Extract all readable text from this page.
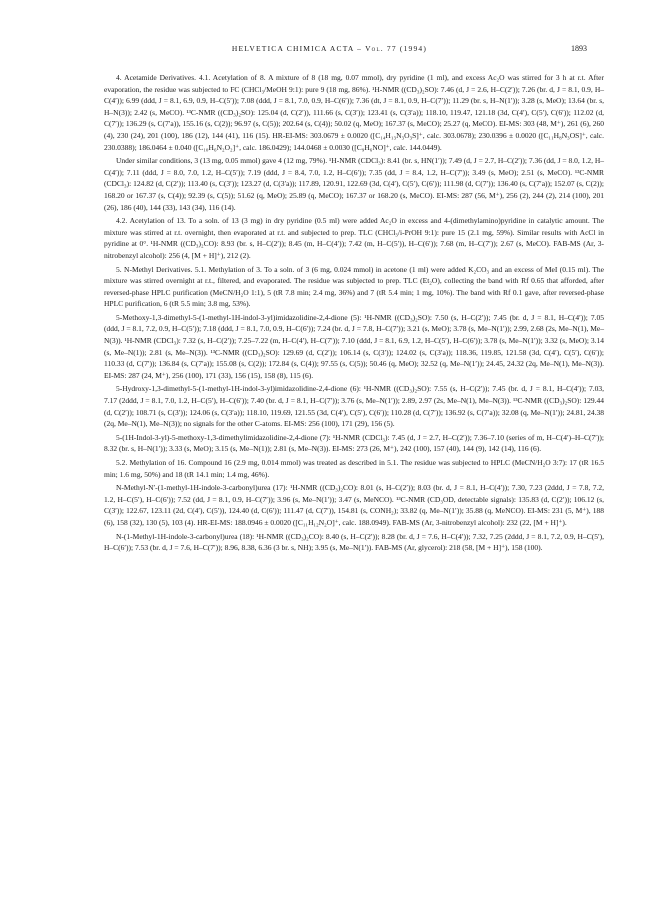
HELVETICA CHIMICA ACTA – Vol. 77 (1994)	1893

4. Acetamide Derivatives. 4.1. Acetylation of 8. A mixture of 8 (18 mg, 0.07 mmol), dry pyridine (1 ml), and excess Ac₂O was stirred for 3 h at r.t. After evaporation, the residue was subjected to FC (CHCl₃/MeOH 9:1): pure 9 (18 mg, 86%). ¹H-NMR ((CD₃)₂SO): 7.46 (d, J = 2.6, H–C(2′)); 7.26 (br. d, J = 8.1, 0.9, H–C(4′)); 6.99 (ddd, J = 8.1, 6.9, 0.9, H–C(5′)); 7.08 (ddd, J = 8.1, 7.0, 0.9, H–C(6′)); 7.36 (dt, J = 8.1, 0.9, H–C(7′)); 11.29 (br. s, H–N(1′)); 3.28 (s, MeO); 13.64 (br. s, H–N(3)); 2.42 (s, MeCO). ¹³C-NMR ((CD₃)₂SO): 125.04 (d, C(2′)), 111.66 (s, C(3′)); 123.41 (s, C(3′a)); 118.10, 119.47, 121.18 (3d, C(4′), C(5′), C(6′)); 112.02 (d, C(7′)); 136.29 (s, C(7′a)), 155.16 (s, C(2)); 96.97 (s, C(5)); 202.64 (s, C(4)); 50.02 (q, MeO); 167.37 (s, MeCO); 25.27 (q, MeCO). EI-MS: 303 (48, M⁺), 261 (6), 260 (4), 230 (24), 201 (100), 186 (12), 144 (41), 116 (15). HR-EI-MS: 303.0679 ± 0.0020 ([C₁₄H₁₃N₃O₃S]⁺, calc. 303.0678); 230.0396 ± 0.0020 ([C₁₁H₈N₃OS]⁺, calc. 230.0388); 186.0464 ± 0.040 ([C₁₀H₆N₂O₂]⁺, calc. 186.0429); 144.0468 ± 0.0030 ([C₉H₆NO]⁺, calc. 144.0449).

Under similar conditions, 3 (13 mg, 0.05 mmol) gave 4 (12 mg, 79%). ¹H-NMR (CDCl₃): 8.41 (br. s, HN(1′)); 7.49 (d, J = 2.7, H–C(2′)); 7.36 (dd, J = 8.0, 1.2, H–C(4′)); 7.11 (ddd, J = 8.0, 7.0, 1.2, H–C(5′)); 7.19 (ddd, J = 8.4, 7.0, 1.2, H–C(6′)); 7.35 (dd, J = 8.4, 1.2, H–C(7′)); 3.49 (s, MeO); 2.51 (s, MeCO). ¹³C-NMR (CDCl₃): 124.82 (d, C(2′)); 113.40 (s, C(3′)); 123.27 (d, C(3′a)); 117.89, 120.91, 122.69 (3d, C(4′), C(5′), C(6′)); 111.98 (d, C(7′)); 136.40 (s, C(7′a)); 152.07 (s, C(2)); 168.20 or 167.37 (s, C(4)); 92.39 (s, C(5)); 51.62 (q, MeO); 25.89 (q, MeCO); 167.37 or 168.20 (s, MeCO). EI-MS: 287 (56, M⁺), 256 (2), 244 (2), 214 (100), 201 (26), 186 (40), 144 (33), 143 (34), 116 (14).

4.2. Acetylation of 13. To a soln. of 13 (3 mg) in dry pyridine (0.5 ml) were added Ac₂O in excess and 4-(dimethylamino)pyridine in catalytic amount. The mixture was stirred at r.t. overnight, then evaporated at r.t. and subjected to prep. TLC (CHCl₃/i-PrOH 9:1): pure 15 (2.1 mg, 59%). Similar results with AcCl in pyridine at 0°. ¹H-NMR ((CD₃)₂CO): 8.93 (br. s, H–C(2′)); 8.45 (m, H–C(4′)); 7.42 (m, H–C(5′)), H–C(6′)); 7.68 (m, H–C(7′)); 2.67 (s, MeCO). FAB-MS (Ar, 3-nitrobenzyl alcohol): 256 (4, [M + H]⁺), 212 (2).

5. N-Methyl Derivatives. 5.1. Methylation of 3. To a soln. of 3 (6 mg, 0.024 mmol) in acetone (1 ml) were added K₂CO₃ and an excess of MeI (0.15 ml). The mixture was stirred overnight at r.t., filtered, and evaporated. The residue was subjected to prep. TLC (Et₂O), collecting the band with Rf 0.65 that afforded, after reversed-phase HPLC purification (MeCN/H₂O 1:1), 5 (tR 7.8 min; 2.4 mg, 36%) and 7 (tR 5.4 min; 1 mg, 10%). The band with Rf 0.1 gave, after reversed-phase HPLC purification, 6 (tR 5.5 min; 3.8 mg, 53%).

5-Methoxy-1,3-dimethyl-5-(1-methyl-1H-indol-3-yl)imidazolidine-2,4-dione (5): ¹H-NMR ((CD₃)₂SO): 7.50 (s, H–C(2′)); 7.45 (br. d, J = 8.1, H–C(4′)); 7.05 (ddd, J = 8.1, 7.2, 0.9, H–C(5′)); 7.18 (ddd, J = 8.1, 7.0, 0.9, H–C(6′)); 7.24 (br. d, J = 7.8, H–C(7′)); 3.21 (s, MeO); 3.78 (s, Me–N(1′)); 2.99, 2.68 (2s, Me–N(1), Me–N(3)). ¹H-NMR (CDCl₃): 7.32 (s, H–C(2′)); 7.25–7.22 (m, H–C(4′), H–C(7′)); 7.10 (ddd, J = 8.1, 6.9, 1.2, H–C(5′), H–C(6′)); 3.78 (s, Me–N(1′)); 3.32 (s, MeO); 3.14 (s, Me–N(1)); 2.81 (s, Me–N(3)). ¹³C-NMR ((CD₃)₂SO): 129.69 (d, C(2′)); 106.14 (s, C(3′)); 124.02 (s, C(3′a)); 118.36, 119.85, 121.58 (3d, C(4′), C(5′), C(6′)); 110.33 (d, C(7′)); 136.84 (s, C(7′a)); 155.08 (s, C(2)); 172.84 (s, C(4)); 97.55 (s, C(5)); 50.46 (q, MeO); 32.52 (q, Me–N(1′)); 24.45, 24.32 (2q, Me–N(1), Me–N(3)). EI-MS: 287 (24, M⁺), 256 (100), 171 (33), 156 (15), 158 (8), 115 (6).

5-Hydroxy-1,3-dimethyl-5-(1-methyl-1H-indol-3-yl)imidazolidine-2,4-dione (6): ¹H-NMR ((CD₃)₂SO): 7.55 (s, H–C(2′)); 7.45 (br. d, J = 8.1, H–C(4′)); 7.03, 7.17 (2ddd, J = 8.1, 7.0, 1.2, H–C(5′), H–C(6′)); 7.40 (br. d, J = 8.1, H–C(7′)); 3.76 (s, Me–N(1′)); 2.89, 2.97 (2s, Me–N(1), Me–N(3)). ¹³C-NMR ((CD₃)₂SO): 129.44 (d, C(2′)); 108.71 (s, C(3′)); 124.06 (s, C(3′a)); 118.10, 119.69, 121.55 (3d, C(4′), C(5′), C(6′)); 110.28 (d, C(7′)); 136.92 (s, C(7′a)); 32.08 (q, Me–N(1′)); 24.81, 24.38 (2q, Me–N(1), Me–N(3)); no signals for the other C-atoms. EI-MS: 256 (100), 171 (29), 156 (5).

5-(1H-Indol-3-yl)-5-methoxy-1,3-dimethylimidazolidine-2,4-dione (7): ¹H-NMR (CDCl₃): 7.45 (d, J = 2.7, H–C(2′)); 7.36–7.10 (series of m, H–C(4′)–H–C(7′)); 8.32 (br. s, H–N(1′)); 3.33 (s, MeO); 3.15 (s, Me–N(1)); 2.81 (s, Me–N(3)). EI-MS: 273 (26, M⁺), 242 (100), 157 (40), 144 (9), 142 (14), 116 (6).

5.2. Methylation of 16. Compound 16 (2.9 mg, 0.014 mmol) was treated as described in 5.1. The residue was subjected to HPLC (MeCN/H₂O 3:7): 17 (tR 16.5 min; 1.6 mg, 50%) and 18 (tR 14.1 min; 1.4 mg, 46%).

N-Methyl-N′-(1-methyl-1H-indole-3-carbonyl)urea (17): ¹H-NMR ((CD₃)₂CO): 8.01 (s, H–C(2′)); 8.03 (br. d, J = 8.1, H–C(4′)); 7.30, 7.23 (2ddd, J = 7.8, 7.2, 1.2, H–C(5′), H–C(6′)); 7.52 (dd, J = 8.1, 0.9, H–C(7′)); 3.96 (s, Me–N(1′)); 3.47 (s, MeNCO). ¹³C-NMR (CD₃OD, detectable signals): 135.83 (d, C(2′)); 106.12 (s, C(3′)); 122.67, 123.11 (2d, C(4′), C(5′)), 124.40 (d, C(6′)); 111.47 (d, C(7′)), 154.81 (s, CONH₂); 33.82 (q, Me–N(1′)); 35.88 (q, MeNCO). EI-MS: 231 (5, M⁺), 188 (6), 158 (32), 130 (5), 103 (4). HR-EI-MS: 188.0946 ± 0.0020 ([C₁₁H₁₂N₂O]⁺, calc. 188.0949). FAB-MS (Ar, 3-nitrobenzyl alcohol): 232 (22, [M + H]⁺).

N-(1-Methyl-1H-indole-3-carbonyl)urea (18): ¹H-NMR ((CD₃)₂CO): 8.40 (s, H–C(2′)); 8.28 (br. d, J = 7.6, H–C(4′)); 7.32, 7.25 (2ddd, J = 8.1, 7.2, 0.9, H–C(5′), H–C(6′)); 7.53 (br. d, J = 7.6, H–C(7′)); 8.96, 8.38, 6.36 (3 br. s, NH); 3.95 (s, Me–N(1′)). FAB-MS (Ar, glycerol): 218 (58, [M + H]⁺), 158 (100).
